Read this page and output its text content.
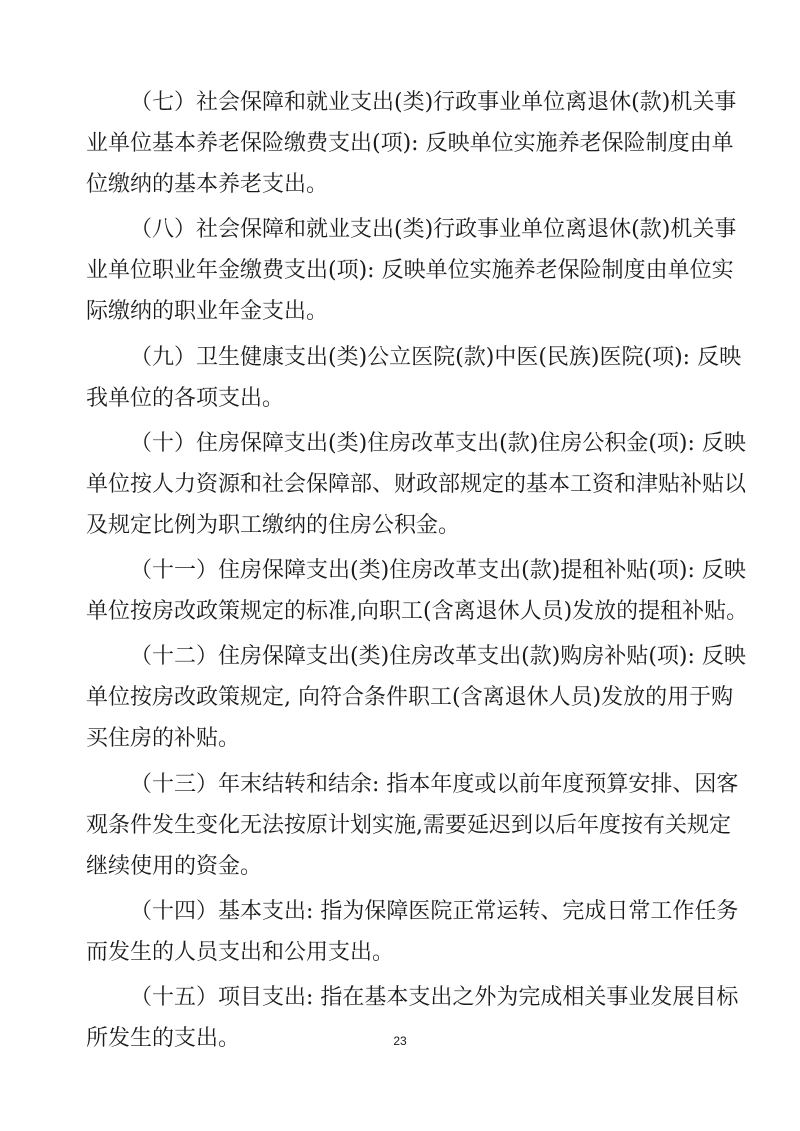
（七）社会保障和就业支出(类)行政事业单位离退休(款)机关事
业单位基本养老保险缴费支出(项): 反映单位实施养老保险制度由单
位缴纳的基本养老支出。

（八）社会保障和就业支出(类)行政事业单位离退休(款)机关事
业单位职业年金缴费支出(项): 反映单位实施养老保险制度由单位实
际缴纳的职业年金支出。

（九）卫生健康支出(类)公立医院(款)中医(民族)医院(项): 反映
我单位的各项支出。

（十）住房保障支出(类)住房改革支出(款)住房公积金(项): 反映
单位按人力资源和社会保障部、财政部规定的基本工资和津贴补贴以
及规定比例为职工缴纳的住房公积金。

（十一）住房保障支出(类)住房改革支出(款)提租补贴(项): 反映
单位按房改政策规定的标准,向职工(含离退休人员)发放的提租补贴。

（十二）住房保障支出(类)住房改革支出(款)购房补贴(项): 反映
单位按房改政策规定, 向符合条件职工(含离退休人员)发放的用于购
买住房的补贴。

（十三）年末结转和结余: 指本年度或以前年度预算安排、因客
观条件发生变化无法按原计划实施,需要延迟到以后年度按有关规定
继续使用的资金。

（十四）基本支出: 指为保障医院正常运转、完成日常工作任务
而发生的人员支出和公用支出。

（十五）项目支出: 指在基本支出之外为完成相关事业发展目标
所发生的支出。	23
